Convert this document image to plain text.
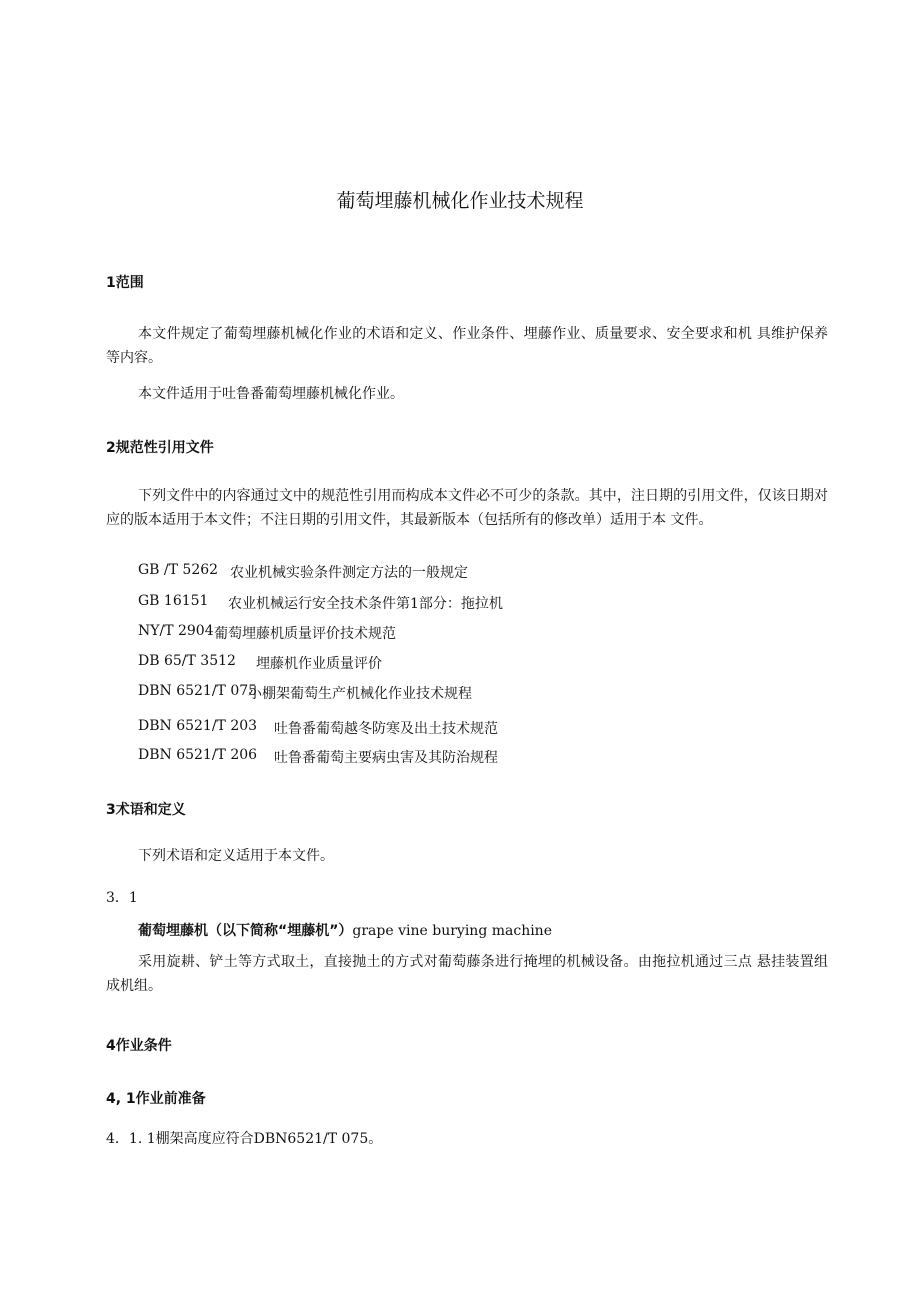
葡萄埋藤机械化作业技术规程
1范围

本文件规定了葡萄埋藤机械化作业的术语和定义、作业条件、埋藤作业、质量要求、安全要求和机 具维护保养等内容。

本文件适用于吐鲁番葡萄埋藤机械化作业。

2规范性引用文件

下列文件中的内容通过文中的规范性引用而构成本文件必不可少的条款。其中，注日期的引用文件，仅该日期对应的版本适用于本文件；不注日期的引用文件，其最新版本（包括所有的修改单）适用于本 文件。

GB /T 5262 农业机械实验条件测定方法的一般规定
GB 16151 农业机械运行安全技术条件第1部分：拖拉机
NY/T 2904 葡萄埋藤机质量评价技术规范
DB 65/T 3512 埋藤机作业质量评价
DBN 6521/T 075
小棚架葡萄生产机械化作业技术规程
DBN 6521/T 203 吐鲁番葡萄越冬防寒及出土技术规范
DBN 6521/T 206 吐鲁番葡萄主要病虫害及其防治规程
3术语和定义

下列术语和定义适用于本文件。

3．1
葡萄埋藤机（以下简称“埋藤机”）grape vine burying machine

采用旋耕、铲土等方式取土，直接抛土的方式对葡萄藤条进行掩埋的机械设备。由拖拉机通过三点 悬挂装置组成机组。

4作业条件
4, 1作业前准备
4．1. 1棚架高度应符合DBN6521/T 075。
